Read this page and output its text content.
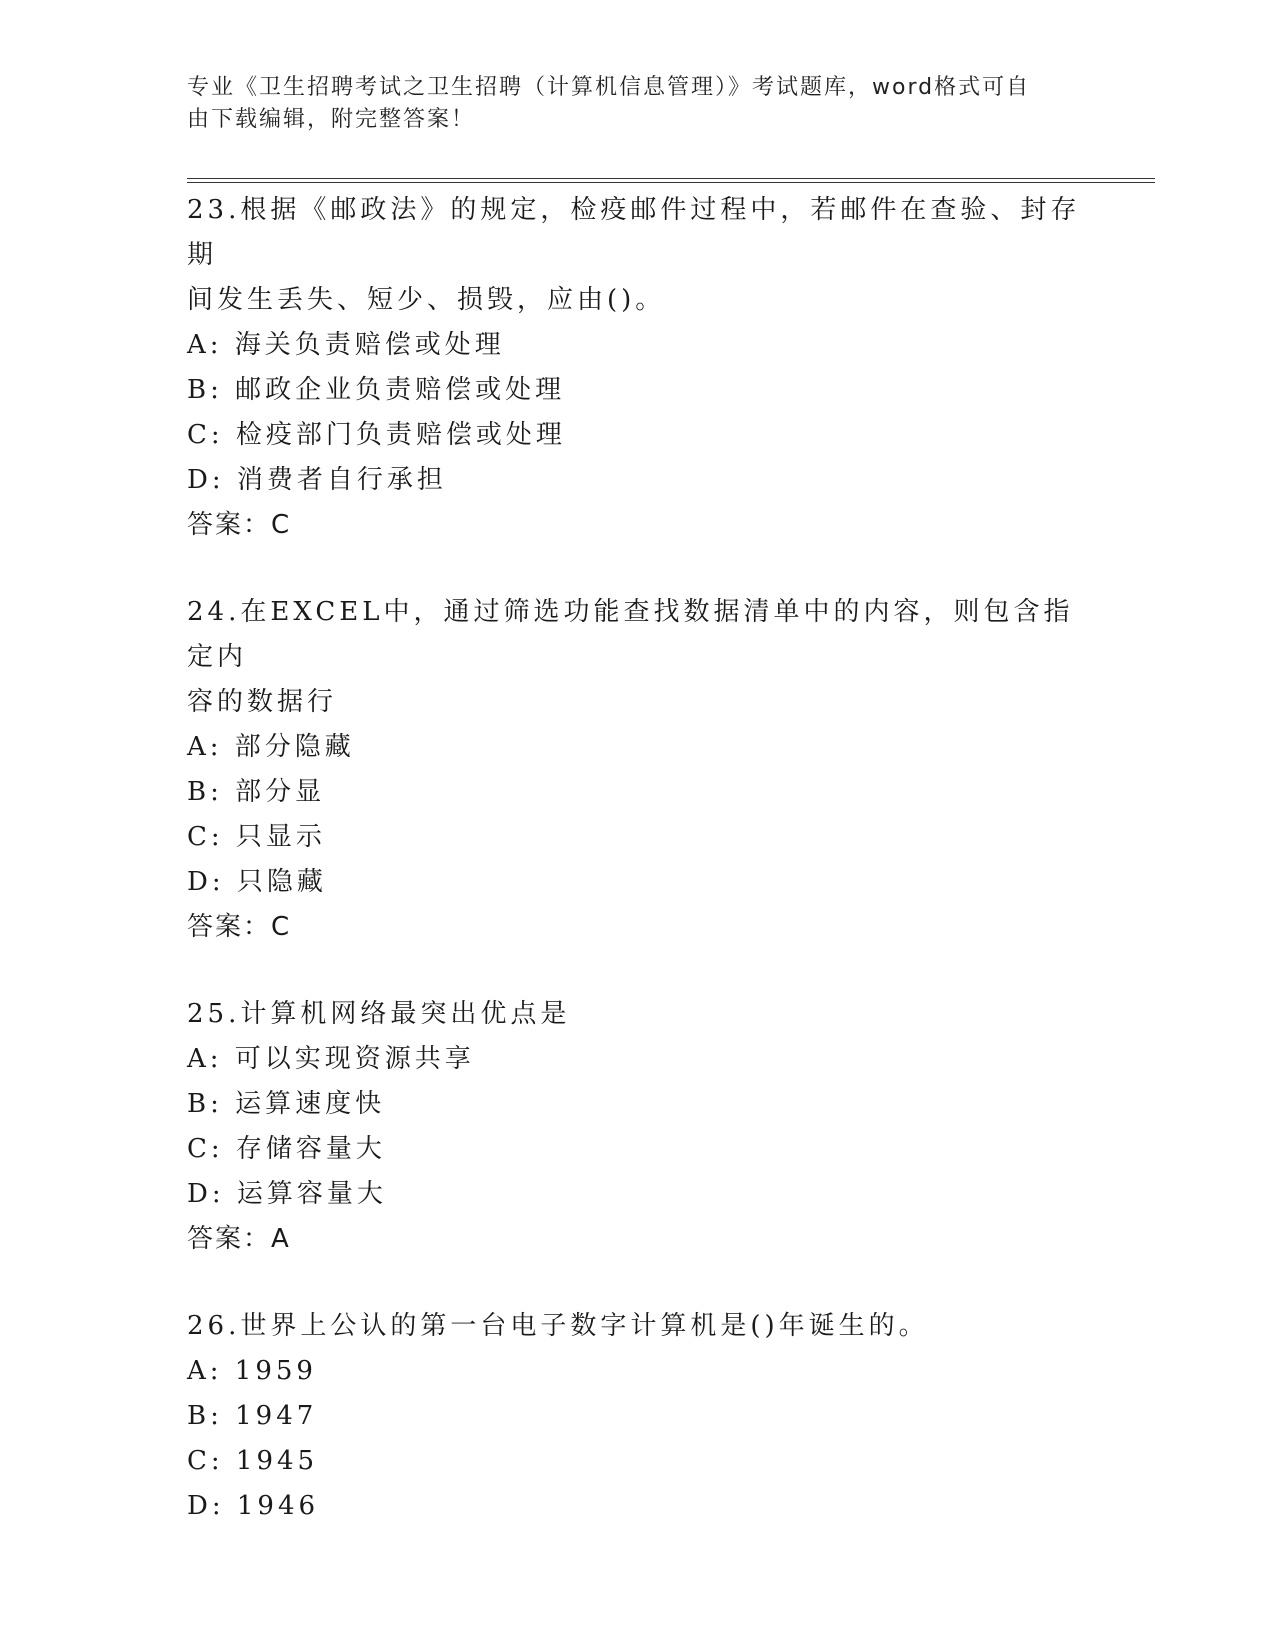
专业《卫生招聘考试之卫生招聘（计算机信息管理）》考试题库，word格式可自
由下载编辑，附完整答案！

23.根据《邮政法》的规定，检疫邮件过程中，若邮件在查验、封存期
间发生丢失、短少、损毁，应由()。

A: 海关负责赔偿或处理

B: 邮政企业负责赔偿或处理

C: 检疫部门负责赔偿或处理

D: 消费者自行承担

答案：C

24.在EXCEL中，通过筛选功能查找数据清单中的内容，则包含指定内
容的数据行

A: 部分隐藏

B: 部分显

C: 只显示

D: 只隐藏

答案：C

25.计算机网络最突出优点是

A: 可以实现资源共享

B: 运算速度快

C: 存储容量大

D: 运算容量大

答案：A

26.世界上公认的第一台电子数字计算机是()年诞生的。

A: 1959

B: 1947

C: 1945

D: 1946
